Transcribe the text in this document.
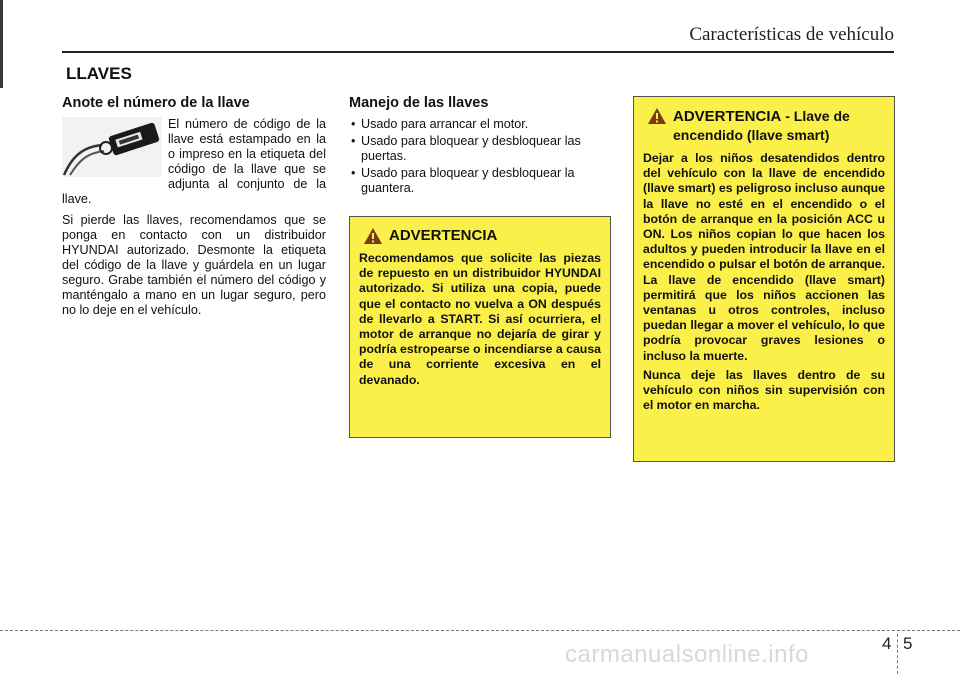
Características de vehículo
LLAVES
Anote el número de la llave

El número de código de la llave está estampado en la o impreso en la etiqueta del código de la llave que se adjunta al conjunto de la llave.

Si pierde las llaves, recomendamos que se ponga en contacto con un distribuidor HYUNDAI autorizado. Desmonte la etiqueta del código de la llave y guárdela en un lugar seguro. Grabe también el número del código y manténgalo a mano en un lugar seguro, pero no lo deje en el vehículo.

Manejo de las llaves
• Usado para arrancar el motor.
• Usado para bloquear y desbloquear las puertas.
• Usado para bloquear y desbloquear la guantera.
ADVERTENCIA

Recomendamos que solicite las piezas de repuesto en un distribuidor HYUNDAI autorizado. Si utiliza una copia, puede que el contacto no vuelva a ON después de llevarlo a START. Si así ocurriera, el motor de arranque no dejaría de girar y podría estropearse o incendiarse a causa de una corriente excesiva en el devanado.

ADVERTENCIA - Llave de encendido (llave smart)

Dejar a los niños desatendidos dentro del vehículo con la llave de encendido (llave smart) es peligroso incluso aunque la llave no esté en el encendido o el botón de arranque en la posición ACC u ON. Los niños copian lo que hacen los adultos y pueden introducir la llave en el encendido o pulsar el botón de arranque. La llave de encendido (llave smart) permitirá que los niños accionen las ventanas u otros controles, incluso puedan llegar a mover el vehículo, lo que podría provocar graves lesiones o incluso la muerte.

Nunca deje las llaves dentro de su vehículo con niños sin supervisión con el motor en marcha.

carmanualsonline.info	4 5
